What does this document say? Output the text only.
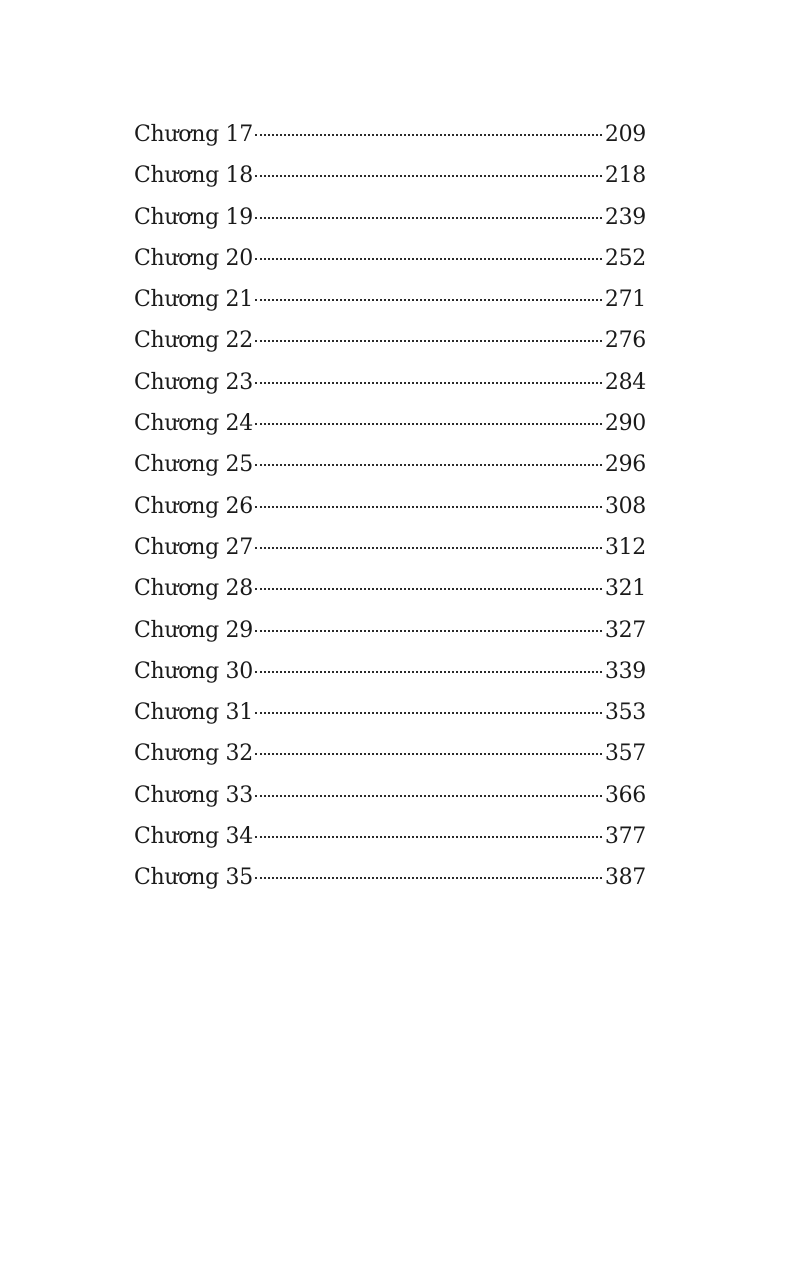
Chương 17	209
Chương 18	218
Chương 19	239
Chương 20	252
Chương 21	271
Chương 22	276
Chương 23	284
Chương 24	290
Chương 25	296
Chương 26	308
Chương 27	312
Chương 28	321
Chương 29	327
Chương 30	339
Chương 31	353
Chương 32	357
Chương 33	366
Chương 34	377
Chương 35	387
